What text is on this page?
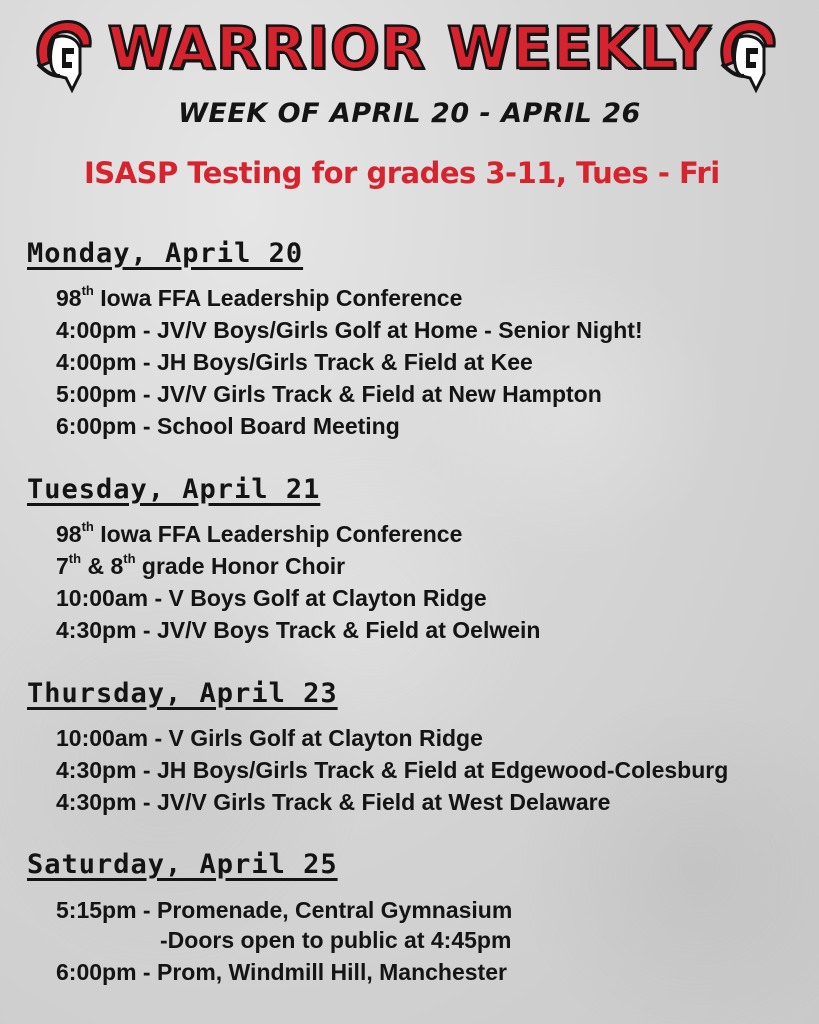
WARRIOR WEEKLY
WEEK OF APRIL 20 - APRIL 26
ISASP Testing for grades 3-11, Tues - Fri
Monday, April 20
98th Iowa FFA Leadership Conference
4:00pm - JV/V Boys/Girls Golf at Home - Senior Night!
4:00pm - JH Boys/Girls Track & Field at Kee
5:00pm - JV/V Girls Track & Field at New Hampton
6:00pm - School Board Meeting
Tuesday, April 21
98th Iowa FFA Leadership Conference
7th & 8th grade Honor Choir
10:00am - V Boys Golf at Clayton Ridge
4:30pm - JV/V Boys Track & Field at Oelwein
Thursday, April 23
10:00am - V Girls Golf at Clayton Ridge
4:30pm - JH Boys/Girls Track & Field at Edgewood-Colesburg
4:30pm - JV/V Girls Track & Field at West Delaware
Saturday, April 25
5:15pm - Promenade, Central Gymnasium
-Doors open to public at 4:45pm
6:00pm - Prom, Windmill Hill, Manchester
